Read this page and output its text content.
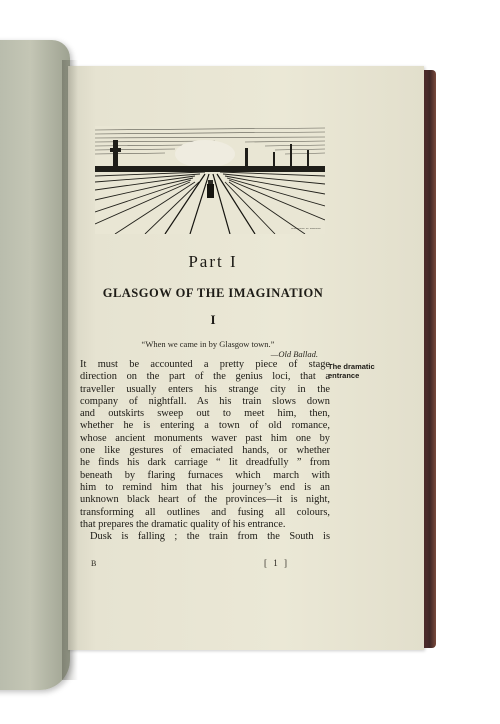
~~~~~ ~ ~~~~
Part I
GLASGOW OF THE IMAGINATION
I
“When we came in by Glasgow town.”
—Old Ballad.
It must be accounted a pretty piece of stage
direction on the part of the genius loci, that a
traveller usually enters his strange city in the
company of nightfall. As his train slows down
and outskirts sweep out to meet him, then,
whether he is entering a town of old romance,
whose ancient monuments waver past him one by
one like gestures of emaciated hands, or whether
he finds his dark carriage “ lit dreadfully ” from
beneath by flaring furnaces which march with
him to remind him that his journey’s end is an
unknown black heart of the provinces—it is night,
transforming all outlines and fusing all colours,
that prepares the dramatic quality of his entrance.
Dusk is falling ; the train from the South is
The dramatic entrance
B	[ 1 ]
